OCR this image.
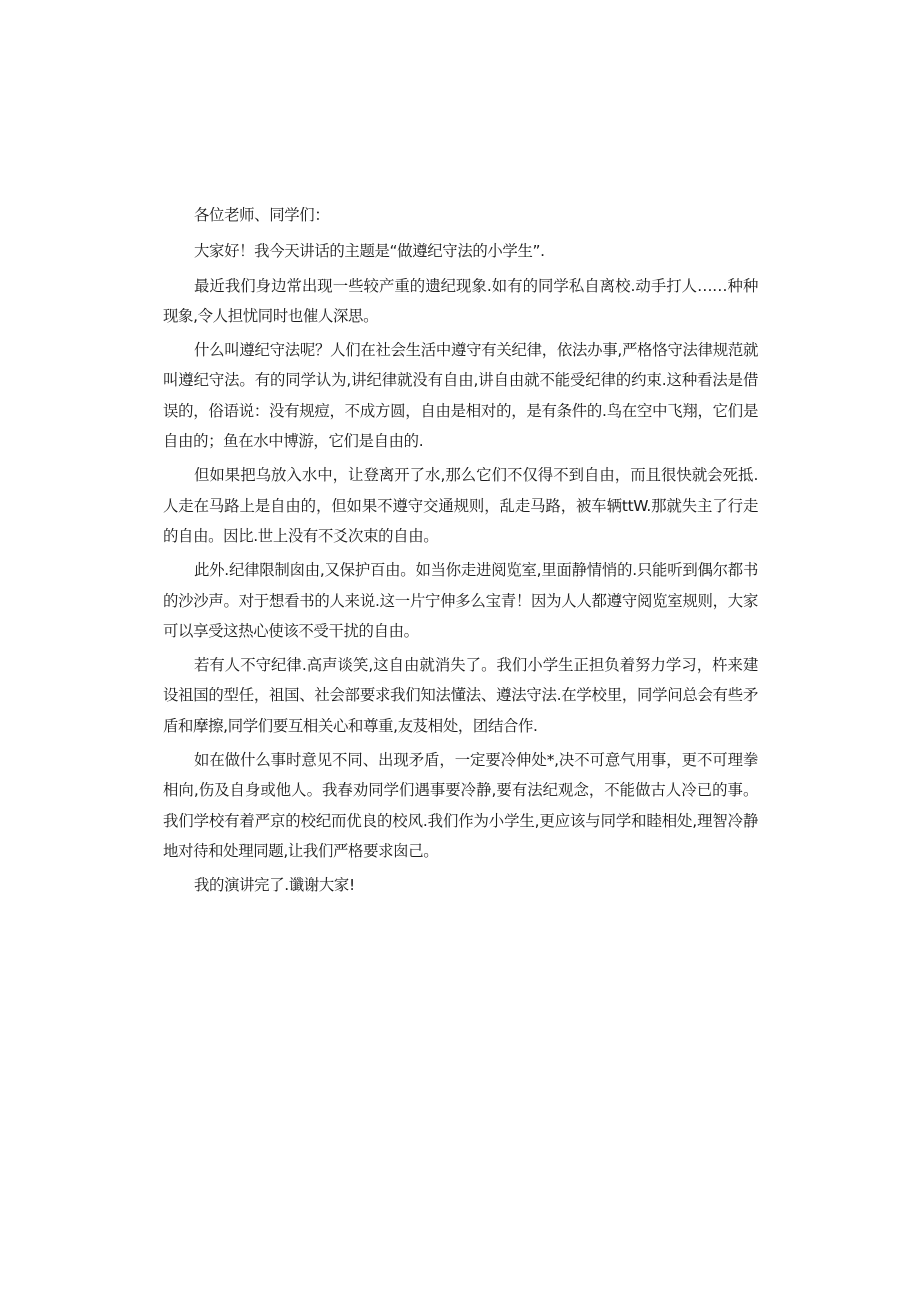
各位老师、同学们：

大家好！我今天讲话的主题是“做遵纪守法的小学生”.

最近我们身边常出现一些较产重的遗纪现象.如有的同学私自离校.动手打人……种种现象,令人担忧同时也催人深思。

什么叫遵纪守法呢？人们在社会生活中遵守有关纪律，依法办事,严格恪守法律规范就叫遵纪守法。有的同学认为,讲纪律就没有自由,讲自由就不能受纪律的约束.这种看法是借误的，俗语说：没有规痘，不成方圆，自由是相对的，是有条件的.鸟在空中飞翔，它们是自由的；鱼在水中博游，它们是自由的.

但如果把乌放入水中，让登离开了水,那么它们不仅得不到自由，而且很快就会死抵.人走在马路上是自由的，但如果不遵守交通规则，乱走马路，被车辆ttW.那就失主了行走的自由。因比.世上没有不爻次束的自由。

此外.纪律限制囱由,又保护百由。如当你走进阅览室,里面静情悄的.只能听到偶尔都书的沙沙声。对于想看书的人来说.这一片宁伸多么宝青！因为人人都遵守阅览室规则，大家可以享受这热心使该不受干扰的自由。

若有人不守纪律.高声谈笑,这自由就消失了。我们小学生正担负着努力学习，杵来建设祖国的型任，祖国、社会部要求我们知法懂法、遵法守法.在学校里，同学问总会有些矛盾和摩擦,同学们要互相关心和尊重,友芨相处，团结合作.

如在做什么事时意见不同、出现矛盾，一定要冷伸处*,决不可意气用事，更不可理拳相向,伤及自身或他人。我春劝同学们遇事要冷静,要有法纪观念，不能做古人冷已的事。我们学校有着严京的校纪而优良的校风.我们作为小学生,更应该与同学和睦相处,理智冷静地对待和处理同题,让我们严格要求囱己。

我的演讲完了.谶谢大家!
